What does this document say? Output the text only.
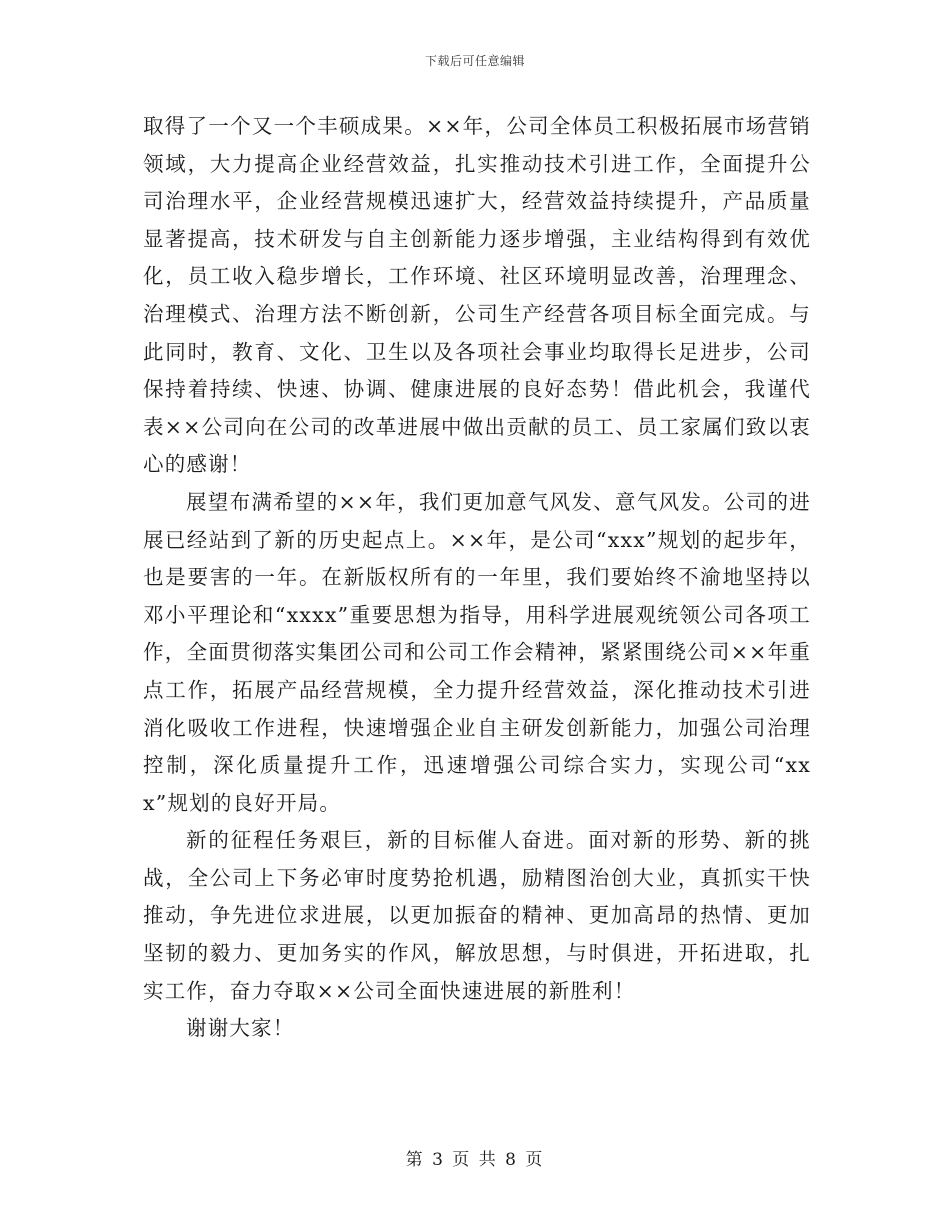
下载后可任意编辑

取得了一个又一个丰硕成果。××年，公司全体员工积极拓展市场营销领域，大力提高企业经营效益，扎实推动技术引进工作，全面提升公司治理水平，企业经营规模迅速扩大，经营效益持续提升，产品质量显著提高，技术研发与自主创新能力逐步增强，主业结构得到有效优化，员工收入稳步增长，工作环境、社区环境明显改善，治理理念、治理模式、治理方法不断创新，公司生产经营各项目标全面完成。与此同时，教育、文化、卫生以及各项社会事业均取得长足进步，公司保持着持续、快速、协调、健康进展的良好态势！借此机会，我谨代表××公司向在公司的改革进展中做出贡献的员工、员工家属们致以衷心的感谢！

展望布满希望的××年，我们更加意气风发、意气风发。公司的进展已经站到了新的历史起点上。××年，是公司“xxx”规划的起步年，也是要害的一年。在新版权所有的一年里，我们要始终不渝地坚持以邓小平理论和“xxxx”重要思想为指导，用科学进展观统领公司各项工作，全面贯彻落实集团公司和公司工作会精神，紧紧围绕公司××年重点工作，拓展产品经营规模，全力提升经营效益，深化推动技术引进消化吸收工作进程，快速增强企业自主研发创新能力，加强公司治理控制，深化质量提升工作，迅速增强公司综合实力，实现公司“xxx”规划的良好开局。

新的征程任务艰巨，新的目标催人奋进。面对新的形势、新的挑战，全公司上下务必审时度势抢机遇，励精图治创大业，真抓实干快推动，争先进位求进展，以更加振奋的精神、更加高昂的热情、更加坚韧的毅力、更加务实的作风，解放思想，与时俱进，开拓进取，扎实工作，奋力夺取××公司全面快速进展的新胜利！

谢谢大家！

第 3 页 共 8 页
